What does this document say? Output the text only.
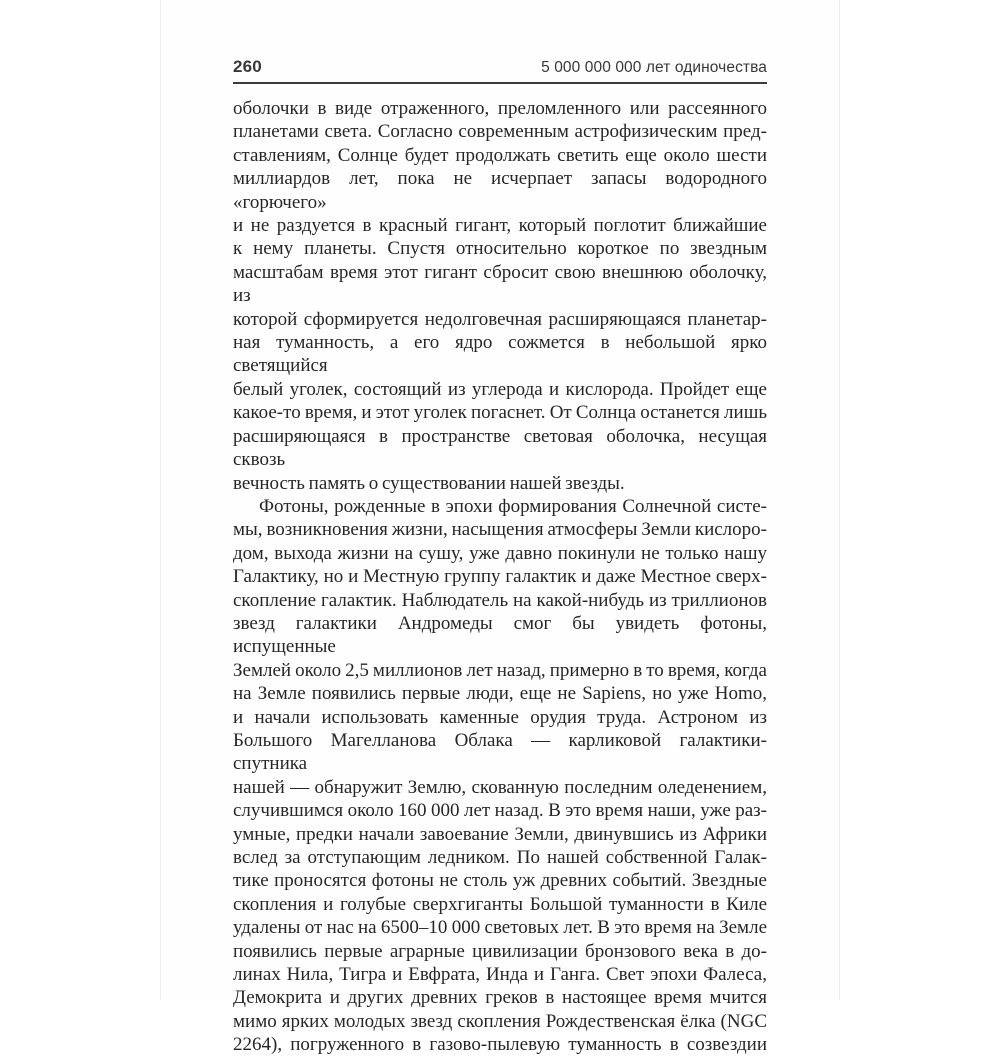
260	5 000 000 000 лет одиночества
оболочки в виде отраженного, преломленного или рассеянного
планетами света. Согласно современным астрофизическим пред-
ставлениям, Солнце будет продолжать светить еще около шести
миллиардов лет, пока не исчерпает запасы водородного «горючего»
и не раздуется в красный гигант, который поглотит ближайшие
к нему планеты. Спустя относительно короткое по звездным
масштабам время этот гигант сбросит свою внешнюю оболочку, из
которой сформируется недолговечная расширяющаяся планетар-
ная туманность, а его ядро сожмется в небольшой ярко светящийся
белый уголек, состоящий из углерода и кислорода. Пройдет еще
какое-то время, и этот уголек погаснет. От Солнца останется лишь
расширяющаяся в пространстве световая оболочка, несущая сквозь
вечность память о существовании нашей звезды.
Фотоны, рожденные в эпохи формирования Солнечной систе-
мы, возникновения жизни, насыщения атмосферы Земли кислоро-
дом, выхода жизни на сушу, уже давно покинули не только нашу
Галактику, но и Местную группу галактик и даже Местное сверх-
скопление галактик. Наблюдатель на какой-нибудь из триллионов
звезд галактики Андромеды смог бы увидеть фотоны, испущенные
Землей около 2,5 миллионов лет назад, примерно в то время, когда
на Земле появились первые люди, еще не Sapiens, но уже Homo,
и начали использовать каменные орудия труда. Астроном из
Большого Магелланова Облака — карликовой галактики-спутника
нашей — обнаружит Землю, скованную последним оледенением,
случившимся около 160 000 лет назад. В это время наши, уже раз-
умные, предки начали завоевание Земли, двинувшись из Африки
вслед за отступающим ледником. По нашей собственной Галак-
тике проносятся фотоны не столь уж древних событий. Звездные
скопления и голубые сверхгиганты Большой туманности в Киле
удалены от нас на 6500–10 000 световых лет. В это время на Земле
появились первые аграрные цивилизации бронзового века в до-
линах Нила, Тигра и Евфрата, Инда и Ганга. Свет эпохи Фалеса,
Демокрита и других древних греков в настоящее время мчится
мимо ярких молодых звезд скопления Рождественская ёлка (NGC
2264), погруженного в газово-пылевую туманность в созвездии
